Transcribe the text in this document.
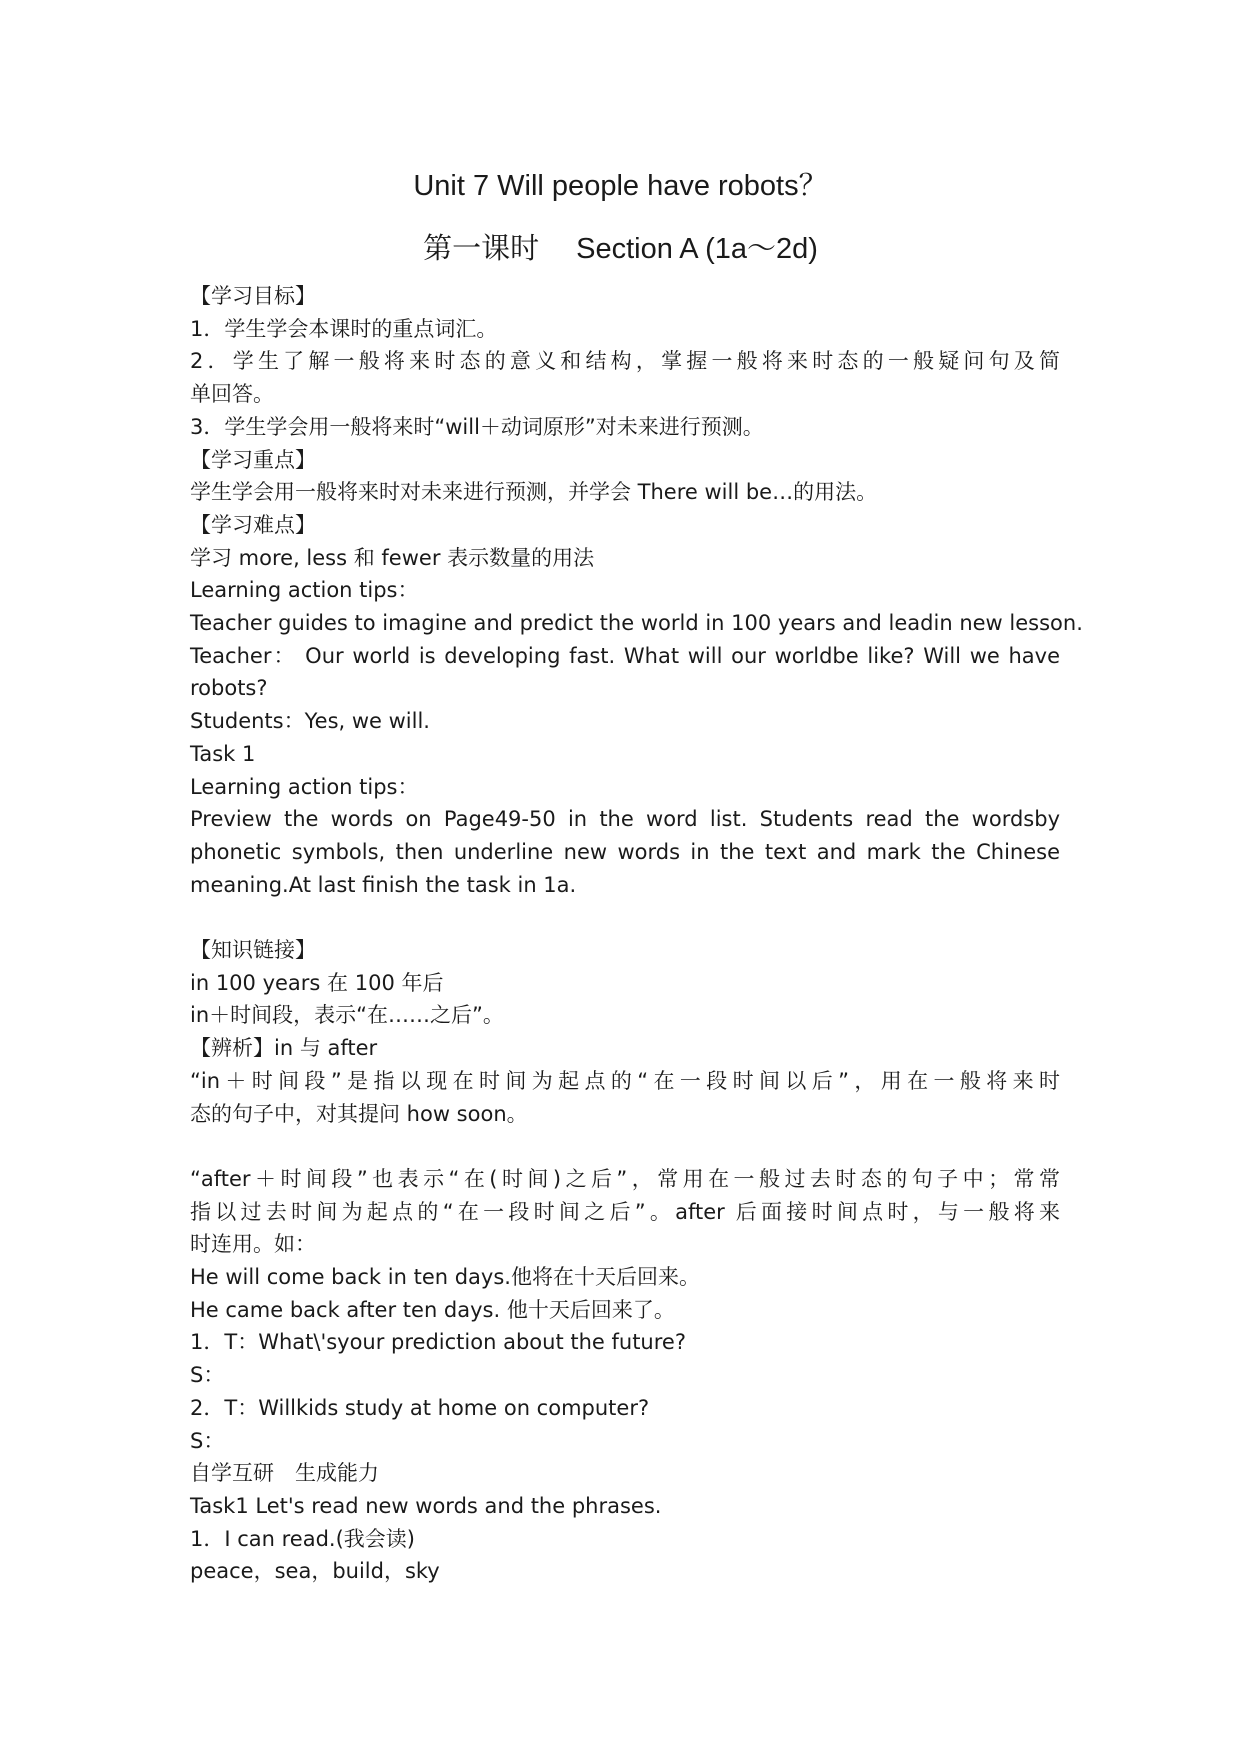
Unit 7 Will people have robots？
第一课时　 Section A (1a～2d)
【学习目标】
1．学生学会本课时的重点词汇。
2．学生了解一般将来时态的意义和结构，掌握一般将来时态的一般疑问句及简
单回答。
3．学生学会用一般将来时“will＋动词原形”对未来进行预测。
【学习重点】
学生学会用一般将来时对未来进行预测，并学会 There will be…的用法。
【学习难点】
学习 more, less 和 fewer 表示数量的用法
Learning action tips：
Teacher guides to imagine and predict the world in 100 years and leadin new lesson.
Teacher： Our world is developing fast. What will our worldbe like? Will we have
robots?
Students：Yes, we will.
Task 1
Learning action tips：
Preview the words on Page49-50 in the word list. Students read the wordsby
phonetic symbols, then underline new words in the text and mark the Chinese
meaning.At last finish the task in 1a.
【知识链接】
in 100 years 在 100 年后
in＋时间段，表示“在……之后”。
【辨析】in 与 after
“in＋时间段”是指以现在时间为起点的“在一段时间以后”，用在一般将来时
态的句子中，对其提问 how soon。
“after＋时间段”也表示“在(时间)之后”，常用在一般过去时态的句子中；常常
指以过去时间为起点的“在一段时间之后”。after 后面接时间点时，与一般将来
时连用。如：
He will come back in ten days.他将在十天后回来。
He came back after ten days. 他十天后回来了。
1．T：What\'syour prediction about the future?
S：
2．T：Willkids study at home on computer?
S：
自学互研　生成能力
Task1 Let's read new words and the phrases.
1．I can read.(我会读)
peace，sea，build，sky
